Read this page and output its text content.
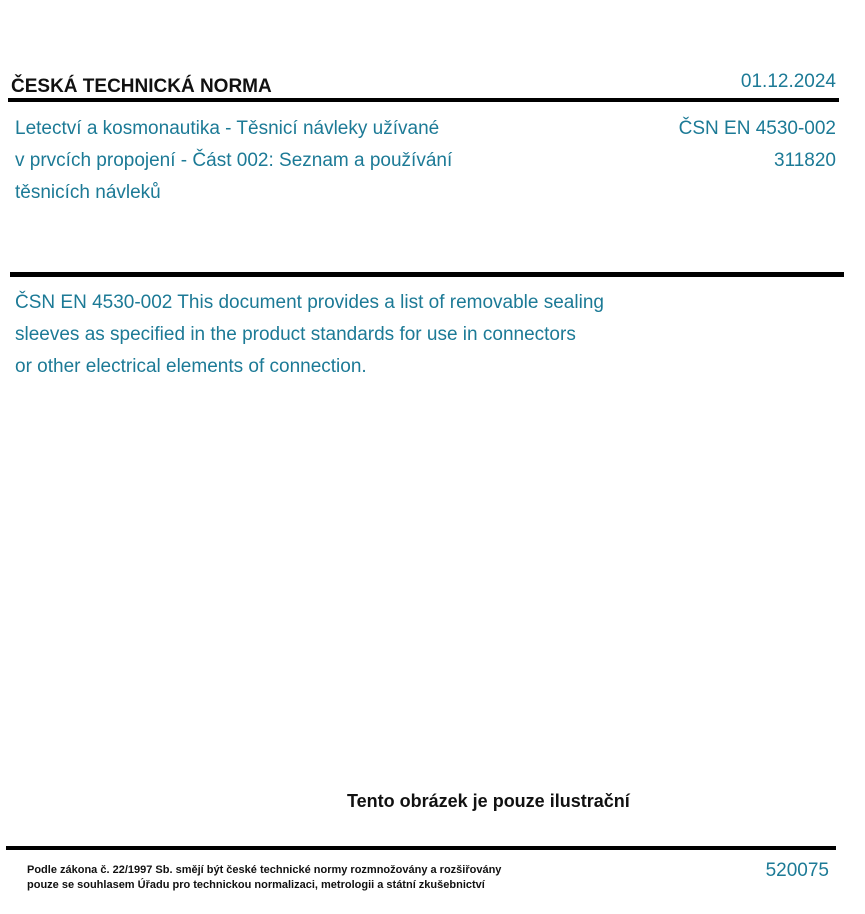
ČESKÁ TECHNICKÁ NORMA	01.12.2024
Letectví a kosmonautika - Těsnicí návleky užívané
v prvcích propojení - Část 002: Seznam a používání
těsnicích návleků
ČSN EN 4530-002
311820
ČSN EN 4530-002 This document provides a list of removable sealing
sleeves as specified in the product standards for use in connectors
or other electrical elements of connection.
Tento obrázek je pouze ilustrační
Podle zákona č. 22/1997 Sb. smějí být české technické normy rozmnožovány a rozšiřovány
pouze se souhlasem Úřadu pro technickou normalizaci, metrologii a státní zkušebnictví
520075
